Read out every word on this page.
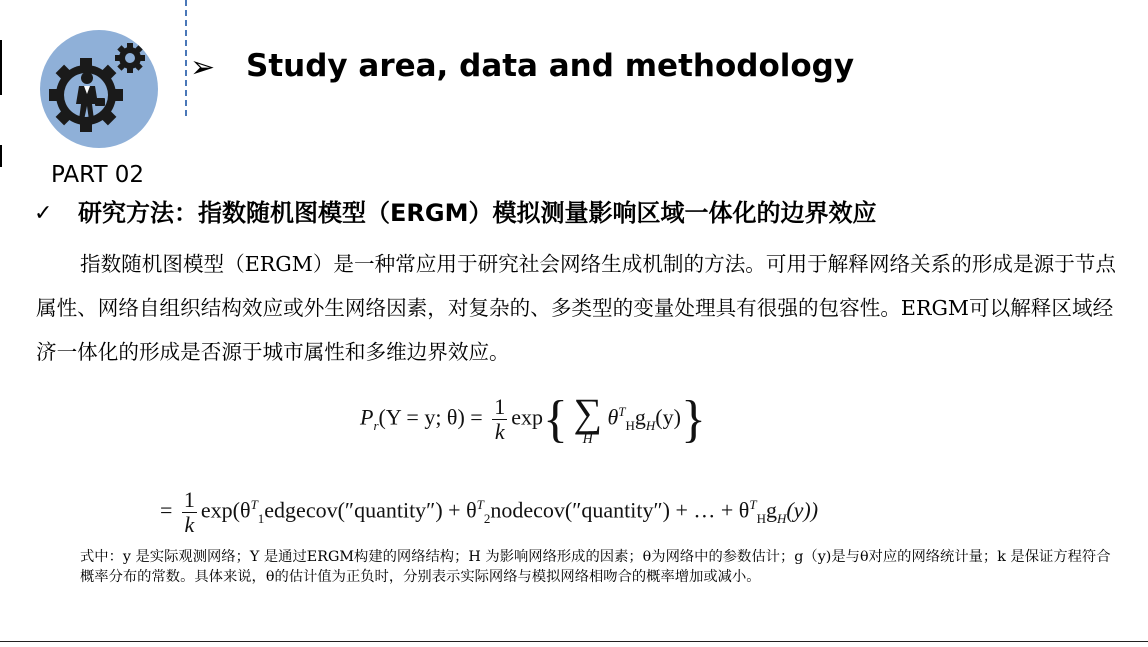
➢ Study area, data and methodology
PART 02
✓ 研究方法：指数随机图模型（ERGM）模拟测量影响区域一体化的边界效应

指数随机图模型（ERGM）是一种常应用于研究社会网络生成机制的方法。可用于解释网络关系的形成是源于节点属性、网络自组织结构效应或外生网络因素，对复杂的、多类型的变量处理具有很强的包容性。ERGM可以解释区域经济一体化的形成是否源于城市属性和多维边界效应。

$P_r(Y = y$; $\theta) = \frac{1}{k} \exp${ ∑
H
$\theta^T_Hg_H(y)$}
= $\frac{1}{k}$ $\exp(\theta^T_1edgecov(''quantity'')$ + $\theta^T_2nodecov(''quantity'')$ + … + $\theta^T_Hg_H(y)$)

式中：y 是实际观测网络；Y 是通过ERGM构建的网络结构；H 为影响网络形成的因素；θ为网络中的参数估计；g（y)是与θ对应的网络统计量；k 是保证方程符合概率分布的常数。具体来说，θ的估计值为正负时，分别表示实际网络与模拟网络相吻合的概率增加或减小。
